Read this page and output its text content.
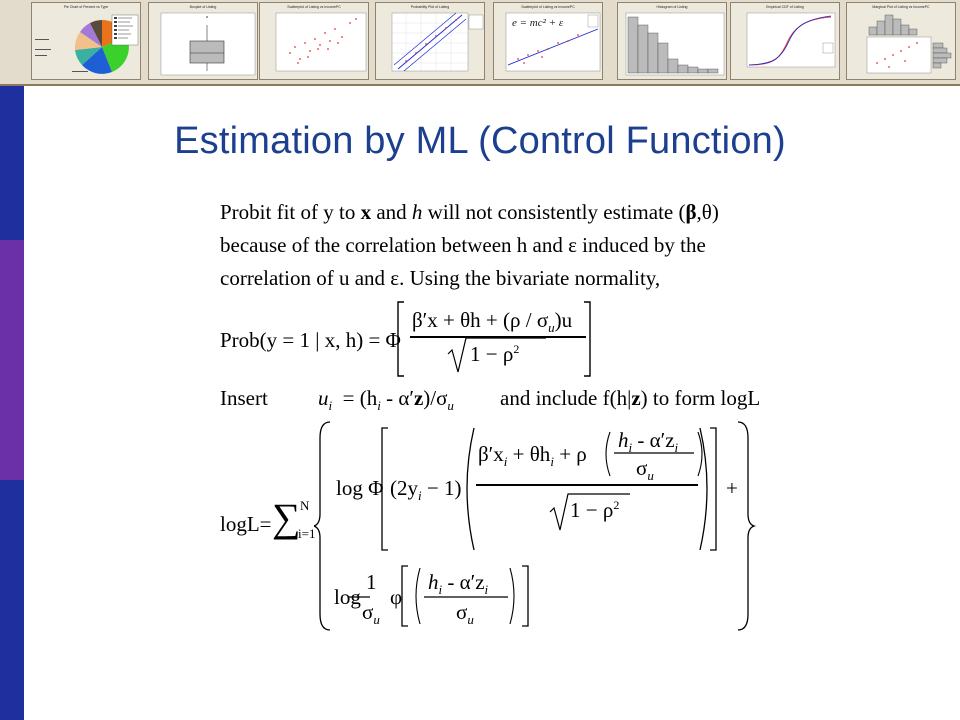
Pie Chart of Percent vs Type	Boxplot of Listing	Scatterplot of Listing vs IncomePC	Probability Plot of Listing	Scatterplot of Listing vs IncomePC
e = mc² + ε
Histogram of Listing	Empirical CDF of Listing	Marginal Plot of Listing vs IncomePC
Estimation by ML (Control Function)
Probit fit of y to x and h will not consistently estimate (β,θ)
because of the correlation between h and ε induced by the
correlation of u and ε. Using the bivariate normality,
Prob(y = 1 | x, h) = Φ
$\beta'x + \theta h + (\rho / \sigma_u)u$
$1 - \rho^2$
Insert $u_i = (h_i - \alpha'z)/\sigma_u$ and include f(h|z) to form logL
logL= ∑ N
i=1
log Φ $(2y_i - 1)$
$\beta'x_i + \theta h_i + \rho$
$h_i - \alpha'z_i$
$\sigma_u$
$1 - \rho^2$
+
log
1
$\sigma_u$
φ
$h_i - \alpha'z_i$
$\sigma_u$
